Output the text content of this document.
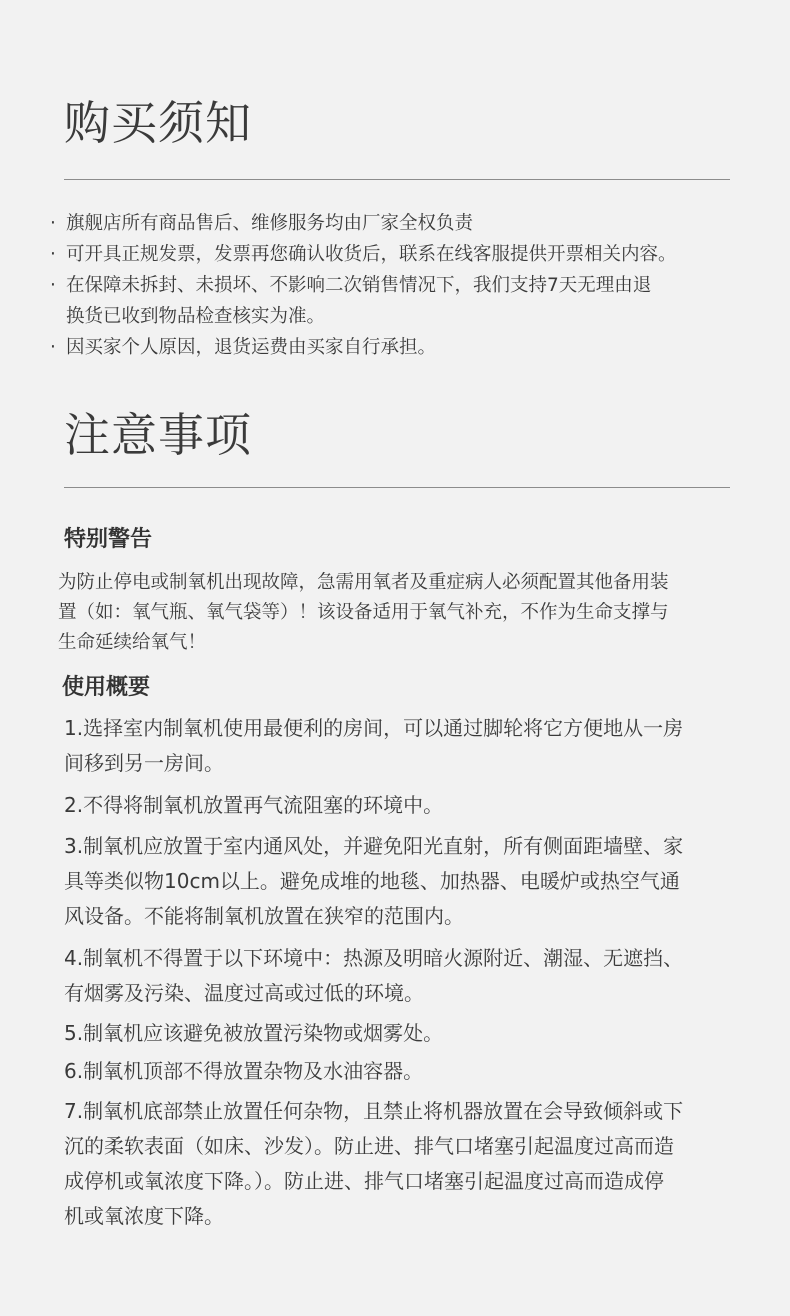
购买须知
· 旗舰店所有商品售后、维修服务均由厂家全权负责
· 可开具正规发票，发票再您确认收货后，联系在线客服提供开票相关内容。
· 在保障未拆封、未损坏、不影响二次销售情况下，我们支持7天无理由退
换货已收到物品检查核实为准。
· 因买家个人原因，退货运费由买家自行承担。
注意事项
特别警告

为防止停电或制氧机出现故障，急需用氧者及重症病人必须配置其他备用装
置（如：氧气瓶、氧气袋等）！该设备适用于氧气补充，不作为生命支撑与
生命延续给氧气！

使用概要

1.选择室内制氧机使用最便利的房间，可以通过脚轮将它方便地从一房
间移到另一房间。

2.不得将制氧机放置再气流阻塞的环境中。

3.制氧机应放置于室内通风处，并避免阳光直射，所有侧面距墙壁、家
具等类似物10cm以上。避免成堆的地毯、加热器、电暖炉或热空气通
风设备。不能将制氧机放置在狭窄的范围内。

4.制氧机不得置于以下环境中：热源及明暗火源附近、潮湿、无遮挡、
有烟雾及污染、温度过高或过低的环境。

5.制氧机应该避免被放置污染物或烟雾处。

6.制氧机顶部不得放置杂物及水油容器。

7.制氧机底部禁止放置任何杂物，且禁止将机器放置在会导致倾斜或下
沉的柔软表面（如床、沙发）。防止进、排气口堵塞引起温度过高而造
成停机或氧浓度下降。）。防止进、排气口堵塞引起温度过高而造成停
机或氧浓度下降。
